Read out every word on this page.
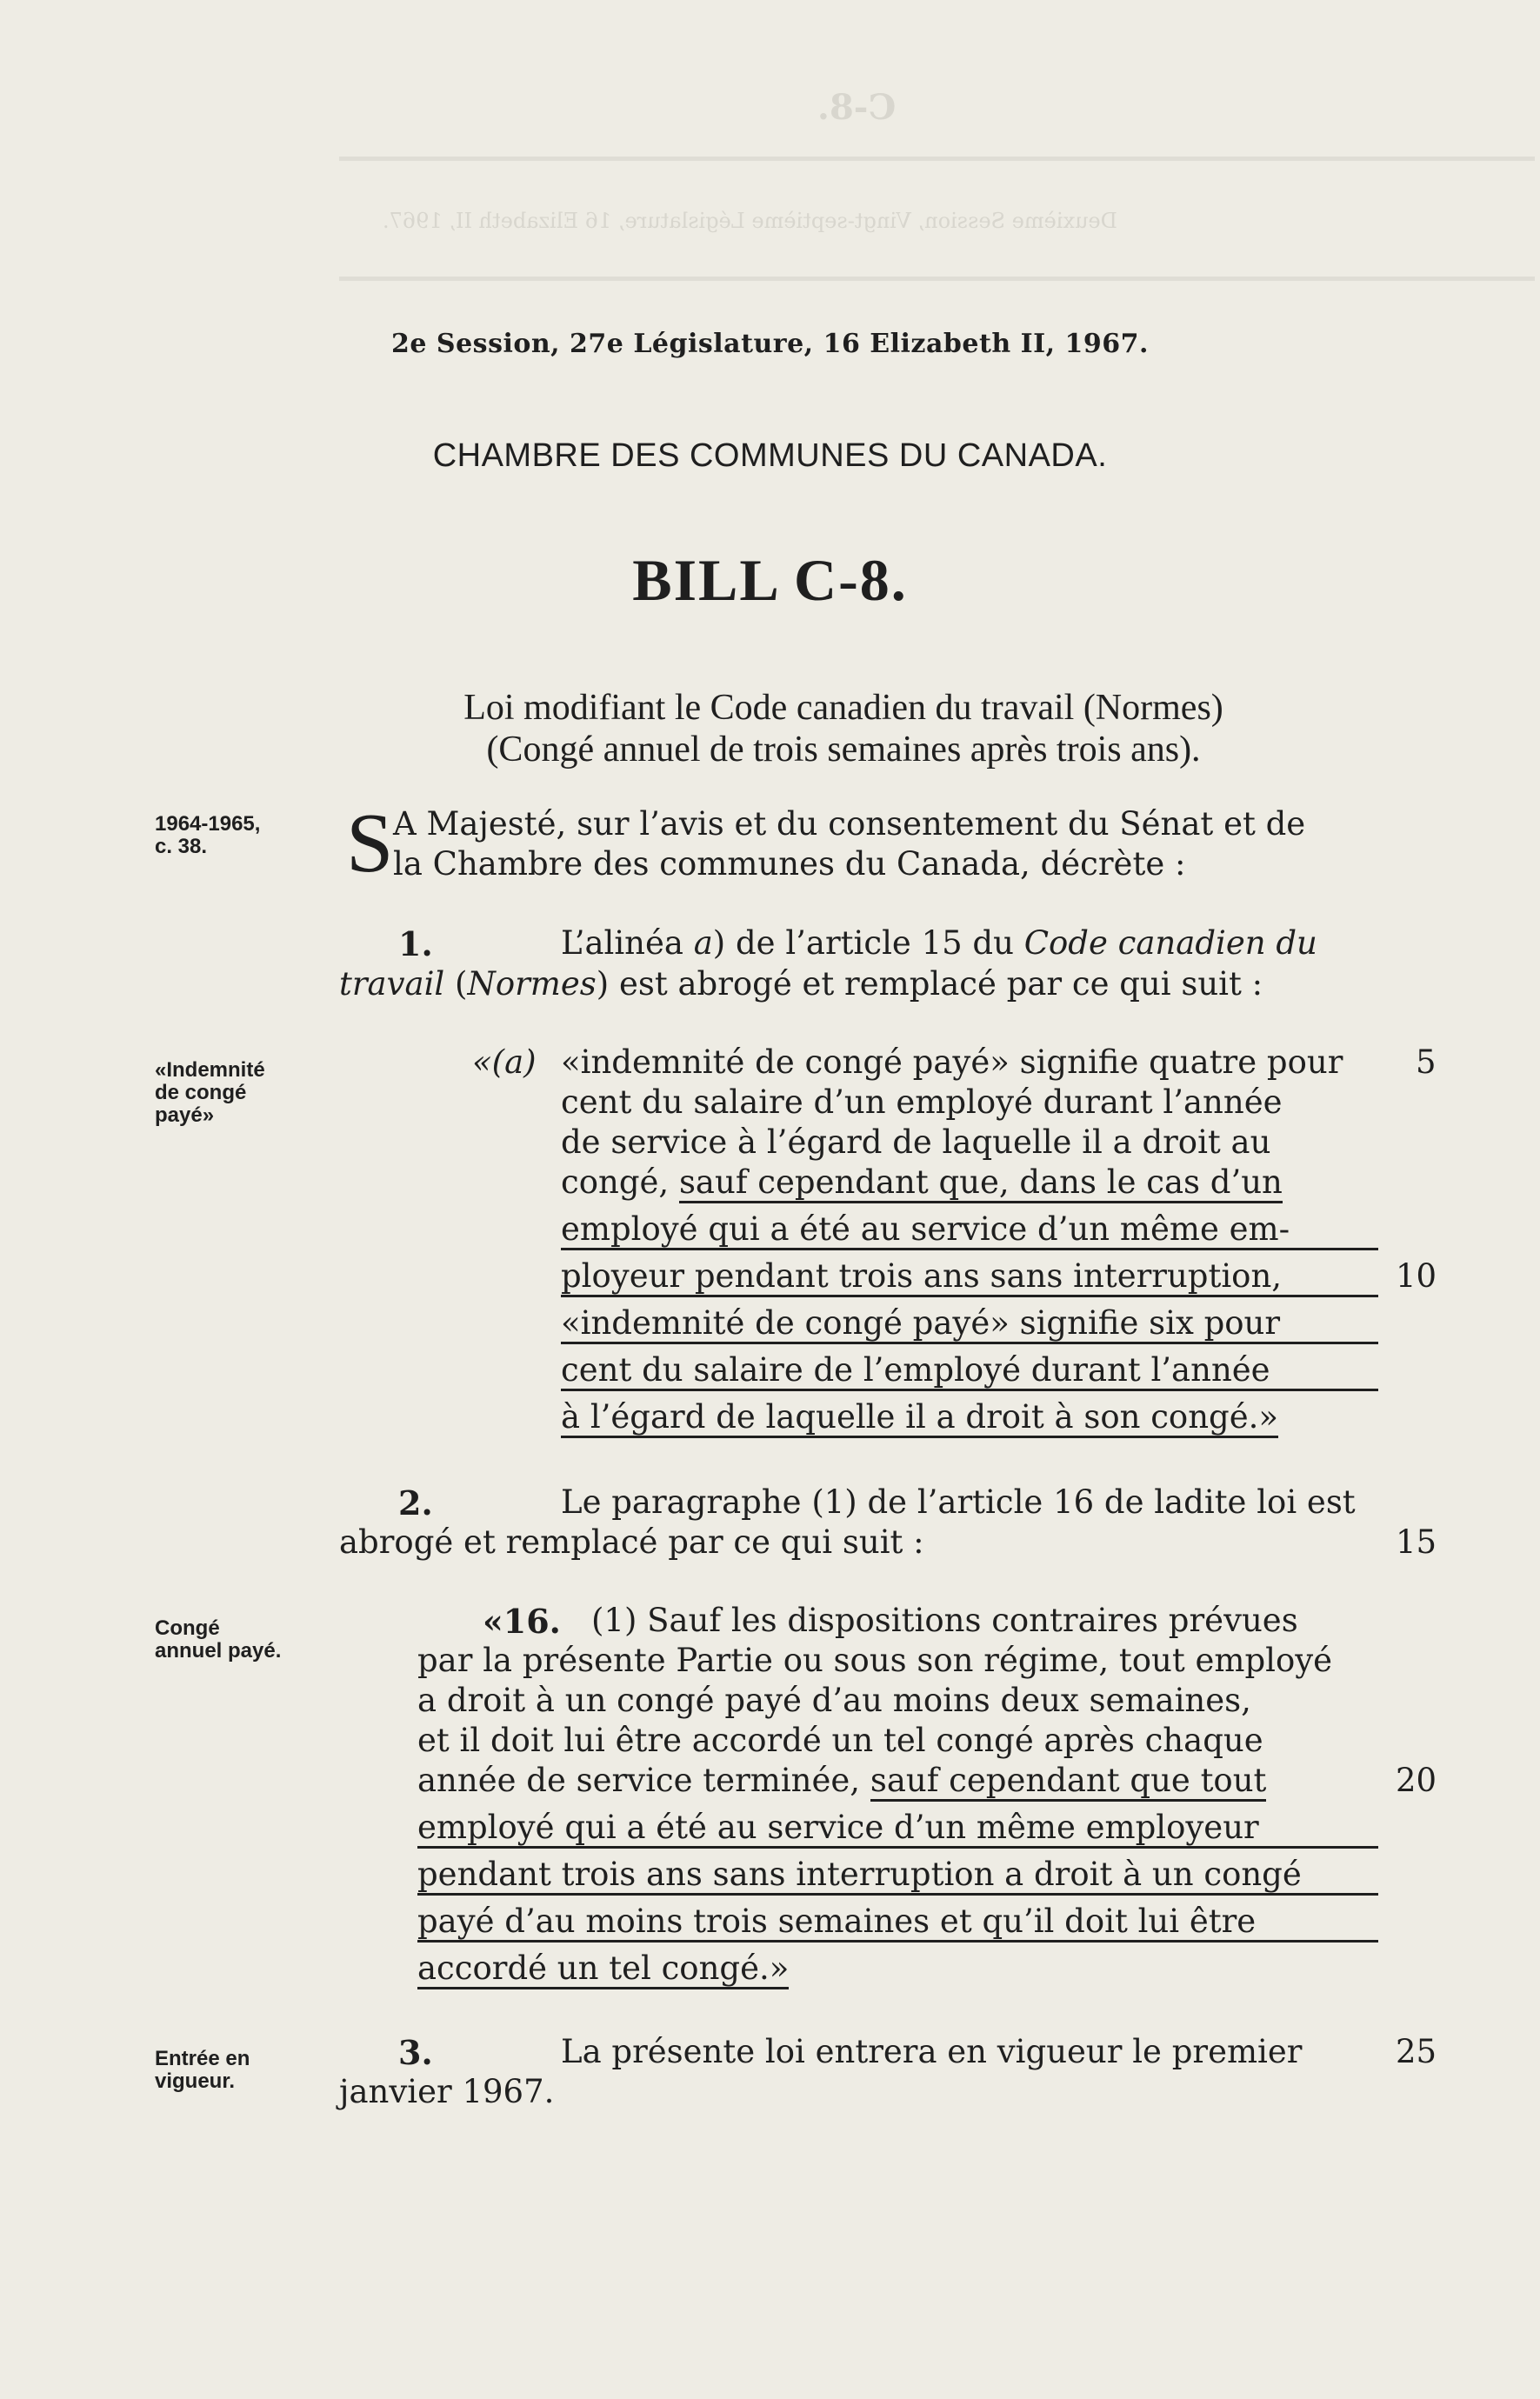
C-8.
Deuxième Session, Vingt-septième Législature, 16 Elizabeth II, 1967.
2e Session, 27e Législature, 16 Elizabeth II, 1967.
CHAMBRE DES COMMUNES DU CANADA.
BILL C-8.
Loi modifiant le Code canadien du travail (Normes)
(Congé annuel de trois semaines après trois ans).
1964-1965,
c. 38.
«Indemnité
de congé
payé»
Congé
annuel payé.
Entrée en
vigueur.
S A Majesté, sur l’avis et du consentement du Sénat et de
la Chambre des communes du Canada, décrète :
1.	L’alinéa a) de l’article 15 du Code canadien du
travail (Normes) est abrogé et remplacé par ce qui suit :
«(a) «indemnité de congé payé» signifie quatre pour
cent du salaire d’un employé durant l’année
de service à l’égard de laquelle il a droit au
congé, sauf cependant que, dans le cas d’un
employé qui a été au service d’un même em-
ployeur pendant trois ans sans interruption,
«indemnité de congé payé» signifie six pour
cent du salaire de l’employé durant l’année
à l’égard de laquelle il a droit à son congé.»
2.	Le paragraphe (1) de l’article 16 de ladite loi est
abrogé et remplacé par ce qui suit :
«16. (1) Sauf les dispositions contraires prévues
par la présente Partie ou sous son régime, tout employé
a droit à un congé payé d’au moins deux semaines,
et il doit lui être accordé un tel congé après chaque
année de service terminée, sauf cependant que tout
employé qui a été au service d’un même employeur
pendant trois ans sans interruption a droit à un congé
payé d’au moins trois semaines et qu’il doit lui être
accordé un tel congé.»
3.	La présente loi entrera en vigueur le premier
janvier 1967.
5
10
15
20
25
